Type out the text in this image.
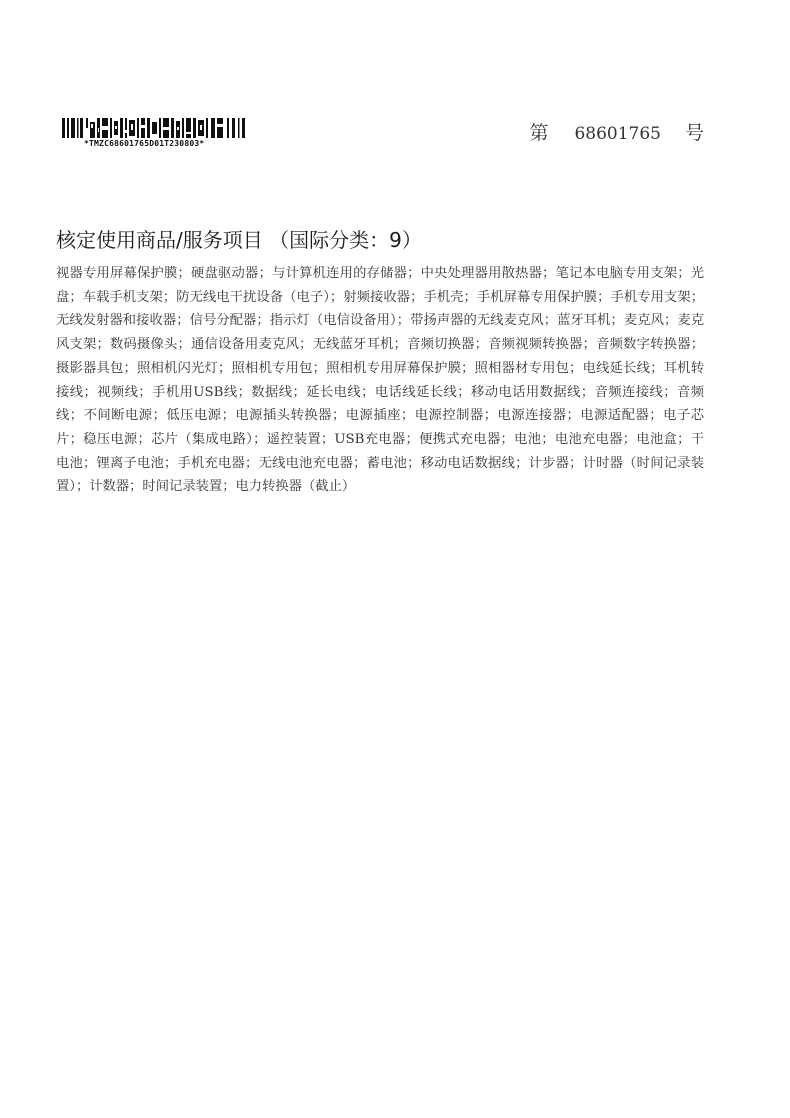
*TMZC68601765D01T230803*	第 68601765 号
核定使用商品/服务项目 （国际分类：9）
视器专用屏幕保护膜；硬盘驱动器；与计算机连用的存储器；中央处理器用散热器；笔记本电脑专用支架；光盘；车载手机支架；防无线电干扰设备（电子）；射频接收器；手机壳；手机屏幕专用保护膜；手机专用支架；无线发射器和接收器；信号分配器；指示灯（电信设备用）；带扬声器的无线麦克风；蓝牙耳机；麦克风；麦克风支架；数码摄像头；通信设备用麦克风；无线蓝牙耳机；音频切换器；音频视频转换器；音频数字转换器；摄影器具包；照相机闪光灯；照相机专用包；照相机专用屏幕保护膜；照相器材专用包；电线延长线；耳机转接线；视频线；手机用USB线；数据线；延长电线；电话线延长线；移动电话用数据线；音频连接线；音频线；不间断电源；低压电源；电源插头转换器；电源插座；电源控制器；电源连接器；电源适配器；电子芯片；稳压电源；芯片（集成电路）；遥控装置；USB充电器；便携式充电器；电池；电池充电器；电池盒；干电池；锂离子电池；手机充电器；无线电池充电器；蓄电池；移动电话数据线；计步器；计时器（时间记录装置）；计数器；时间记录装置；电力转换器（截止）
